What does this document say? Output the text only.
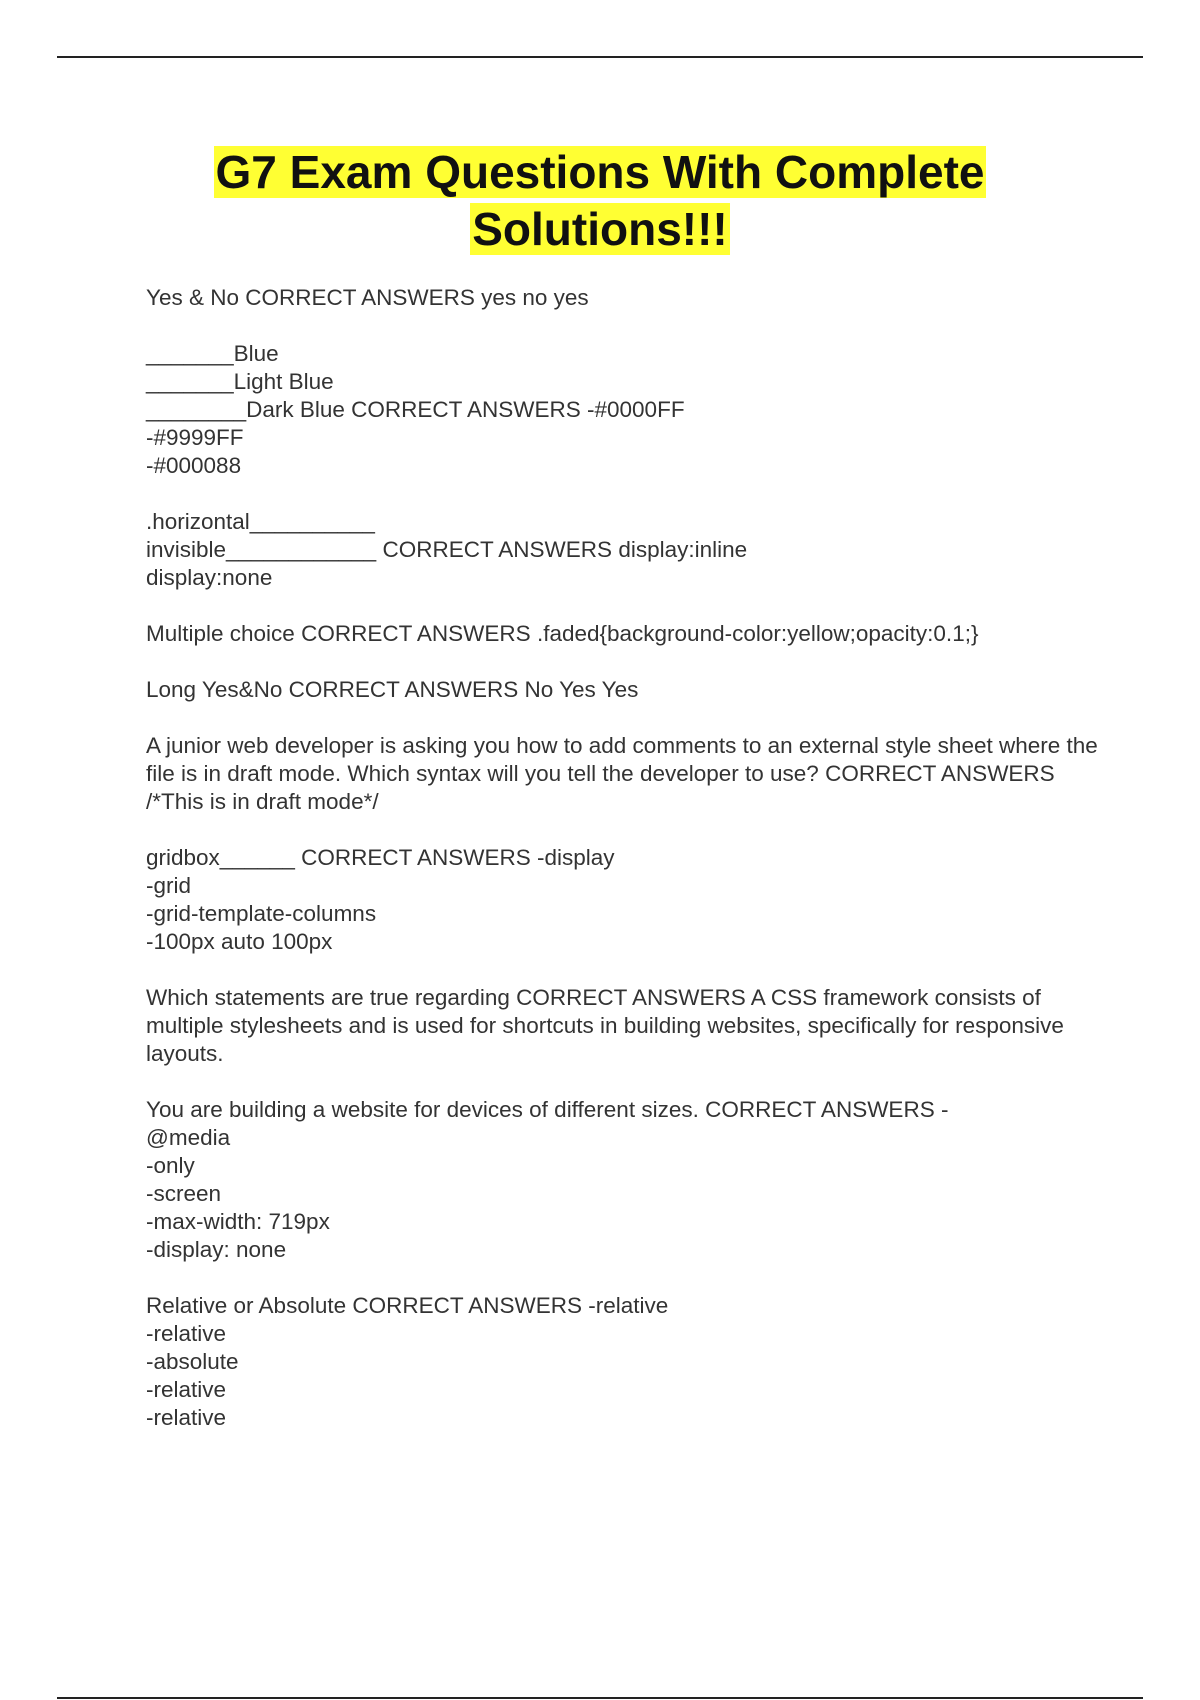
G7 Exam Questions With Complete
Solutions!!!
Yes & No CORRECT ANSWERS yes no yes
_______Blue
_______Light Blue
________Dark Blue CORRECT ANSWERS -#0000FF
-#9999FF
-#000088
.horizontal__________
invisible____________ CORRECT ANSWERS display:inline
display:none
Multiple choice CORRECT ANSWERS .faded{background-color:yellow;opacity:0.1;}
Long Yes&No CORRECT ANSWERS No Yes Yes
A junior web developer is asking you how to add comments to an external style sheet where the file is in draft mode. Which syntax will you tell the developer to use? CORRECT ANSWERS /*This is in draft mode*/
gridbox______ CORRECT ANSWERS -display
-grid
-grid-template-columns
-100px auto 100px
Which statements are true regarding CORRECT ANSWERS A CSS framework consists of multiple stylesheets and is used for shortcuts in building websites, specifically for responsive layouts.
You are building a website for devices of different sizes. CORRECT ANSWERS -
@media
-only
-screen
-max-width: 719px
-display: none
Relative or Absolute CORRECT ANSWERS -relative
-relative
-absolute
-relative
-relative
